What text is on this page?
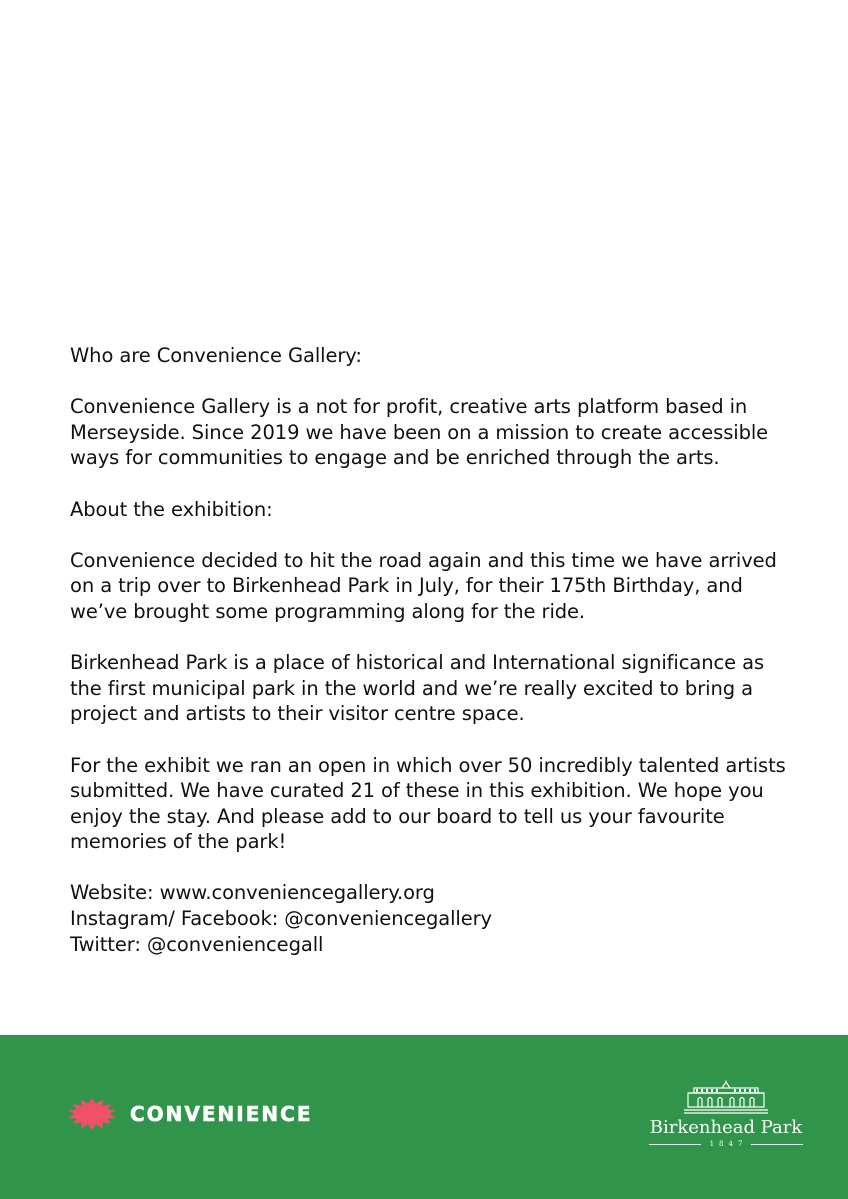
Who are Convenience Gallery:

Convenience Gallery is a not for profit, creative arts platform based in Merseyside. Since 2019 we have been on a mission to create accessible ways for communities to engage and be enriched through the arts.

About the exhibition:

Convenience decided to hit the road again and this time we have arrived on a trip over to Birkenhead Park in July, for their 175th Birthday, and we’ve brought some programming along for the ride.

Birkenhead Park is a place of historical and International significance as the first municipal park in the world and we’re really excited to bring a project and artists to their visitor centre space.

For the exhibit we ran an open in which over 50 incredibly talented artists submitted. We have curated 21 of these in this exhibition. We hope you enjoy the stay. And please add to our board to tell us your favourite memories of the park!

Website: www.conveniencegallery.org
Instagram/ Facebook: @conveniencegallery
Twitter: @conveniencegall
CONVENIENCE
Birkenhead Park
1847
